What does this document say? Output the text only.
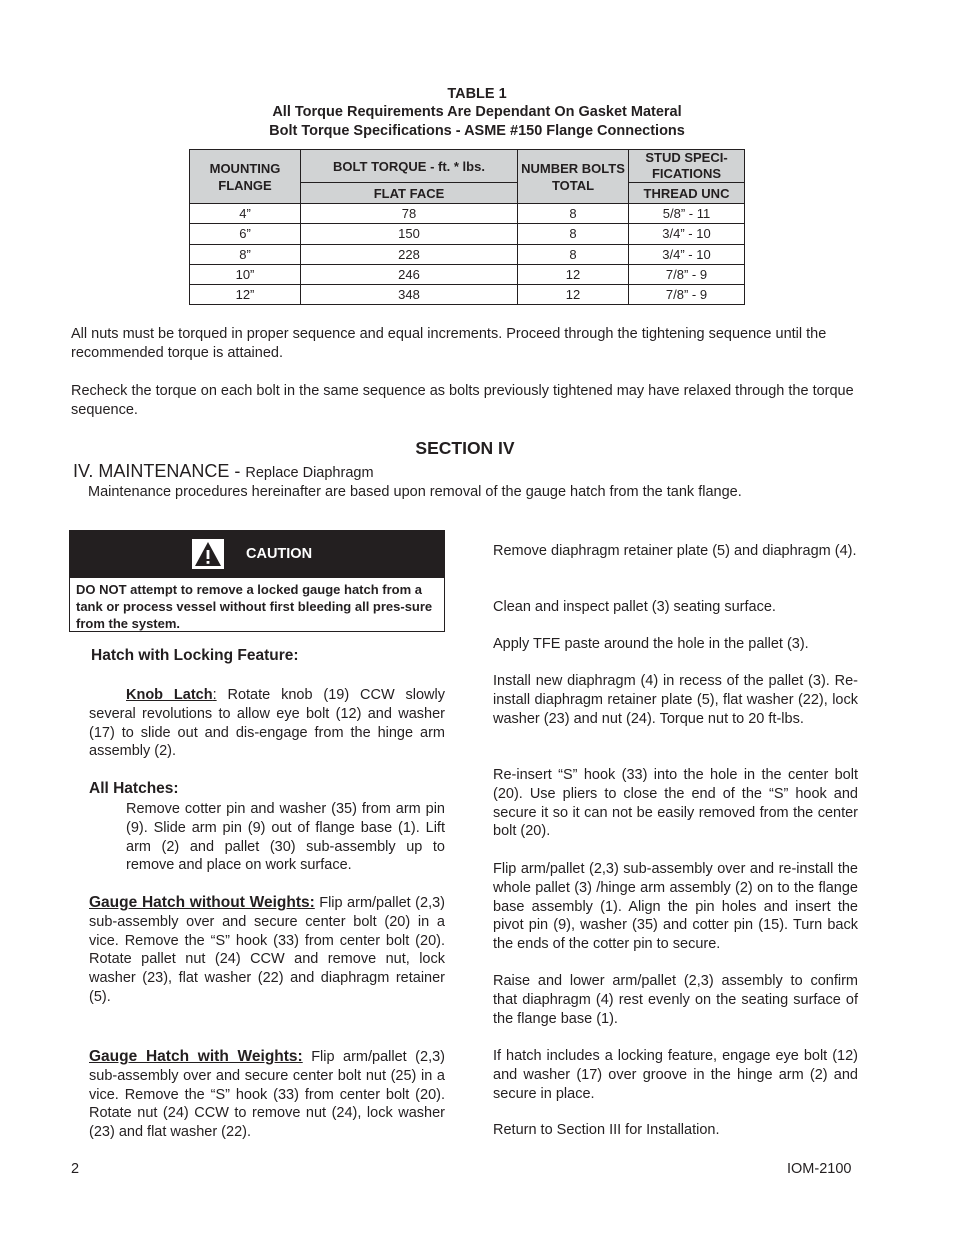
TABLE 1
All Torque Requirements Are Dependant On Gasket Materal
Bolt Torque Specifications - ASME #150 Flange Connections
MOUNTING FLANGE	BOLT TORQUE - ft. * lbs.	NUMBER BOLTS TOTAL	STUD SPECI- FICATIONS

	FLAT FACE		THREAD UNC
4”	78	8	5/8” - 11
6”	150	8	3/4” - 10
8”	228	8	3/4” - 10
10”	246	12	7/8” - 9
12”	348	12	7/8” - 9
All nuts must be torqued in proper sequence and equal increments. Proceed through the tightening sequence until the recommended torque is attained.
Recheck the torque on each bolt in the same sequence as bolts previously tightened may have relaxed through the torque sequence.
SECTION IV
IV. MAINTENANCE - Replace Diaphragm
Maintenance procedures hereinafter are based upon removal of the gauge hatch from the tank flange.
CAUTION
DO NOT attempt to remove a locked gauge hatch from a tank or process vessel without first bleeding all pres-sure from the system.
Hatch with Locking Feature:
Knob Latch: Rotate knob (19) CCW slowly several revolutions to allow eye bolt (12) and washer (17) to slide out and dis-engage from the hinge arm assembly (2).
All Hatches:
Remove cotter pin and washer (35) from arm pin (9). Slide arm pin (9) out of flange base (1). Lift arm (2) and pallet (30) sub-assembly up to remove and place on work surface.
Gauge Hatch without Weights: Flip arm/pallet (2,3) sub-assembly over and secure center bolt (20) in a vice. Remove the “S” hook (33) from center bolt (20). Rotate pallet nut (24) CCW and remove nut, lock washer (23), flat washer (22) and diaphragm retainer (5).
Gauge Hatch with Weights: Flip arm/pallet (2,3) sub-assembly over and secure center bolt nut (25) in a vice. Remove the “S” hook (33) from center bolt (20). Rotate nut (24) CCW to remove nut (24), lock washer (23) and flat washer (22).
Remove diaphragm retainer plate (5) and diaphragm (4).
Clean and inspect pallet (3) seating surface.
Apply TFE paste around the hole in the pallet (3).
Install new diaphragm (4) in recess of the pallet (3). Re-install diaphragm retainer plate (5), flat washer (22), lock washer (23) and nut (24). Torque nut to 20 ft-lbs.
Re-insert “S” hook (33) into the hole in the center bolt (20). Use pliers to close the end of the “S” hook and secure it so it can not be easily removed from the center bolt (20).
Flip arm/pallet (2,3) sub-assembly over and re-install the whole pallet (3) /hinge arm assembly (2) on to the flange base assembly (1). Align the pin holes and insert the pivot pin (9), washer (35) and cotter pin (15). Turn back the ends of the cotter pin to secure.
Raise and lower arm/pallet (2,3) assembly to confirm that diaphragm (4) rest evenly on the seating surface of the flange base (1).
If hatch includes a locking feature, engage eye bolt (12) and washer (17) over groove in the hinge arm (2) and secure in place.
Return to Section III for Installation.
2	IOM-2100
